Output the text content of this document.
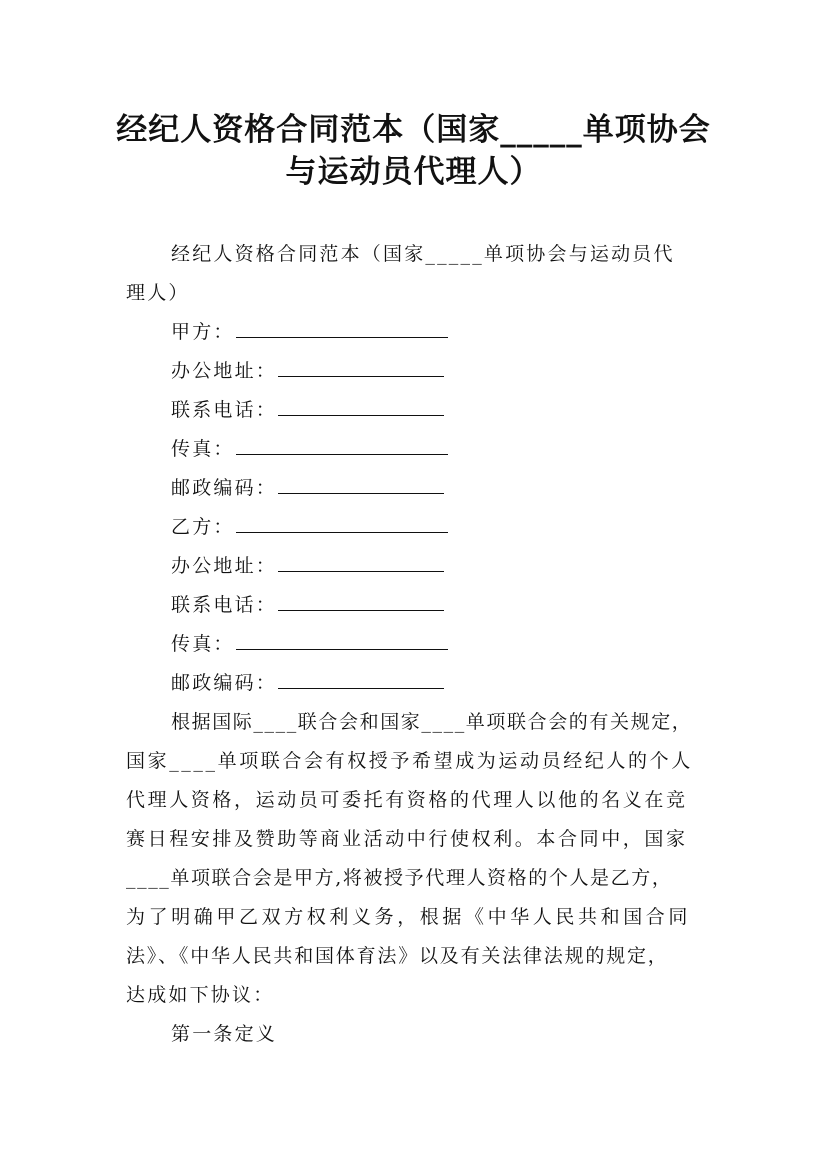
经纪人资格合同范本（国家_____单项协会
与运动员代理人）
经纪人资格合同范本（国家_____单项协会与运动员代
理人）
甲方：
办公地址：
联系电话：
传真：
邮政编码：
乙方：
办公地址：
联系电话：
传真：
邮政编码：
根据国际____联合会和国家____单项联合会的有关规定，
国家____单项联合会有权授予希望成为运动员经纪人的个人
代理人资格，运动员可委托有资格的代理人以他的名义在竞
赛日程安排及赞助等商业活动中行使权利。本合同中，国家
____单项联合会是甲方,将被授予代理人资格的个人是乙方，
为了明确甲乙双方权利义务，根据《中华人民共和国合同
法》、《中华人民共和国体育法》以及有关法律法规的规定，
达成如下协议：
第一条定义
